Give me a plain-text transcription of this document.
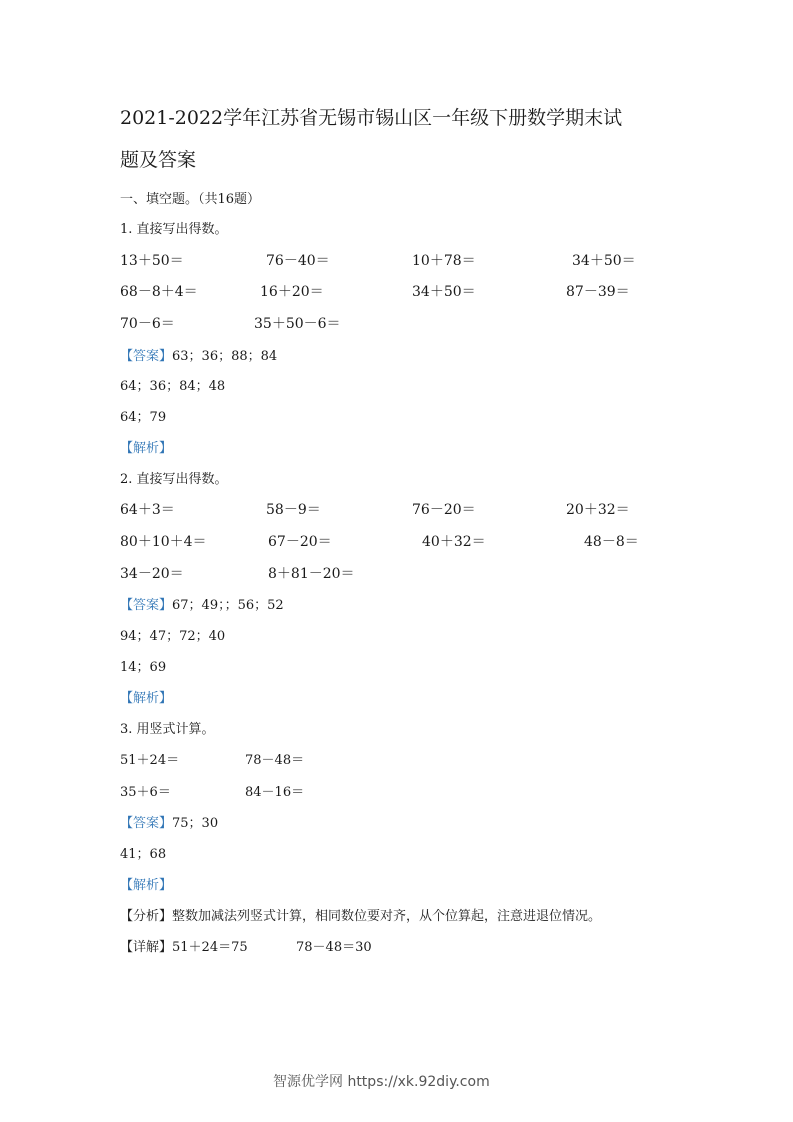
2021-2022学年江苏省无锡市锡山区一年级下册数学期末试
题及答案
一、填空题。（共16题）
1. 直接写出得数。
13＋50＝	76－40＝	10＋78＝	34＋50＝
68－8＋4＝	16＋20＝	34＋50＝	87－39＝
70－6＝	35＋50－6＝
【答案】63；36；88；84
64；36；84；48
64；79
【解析】
2. 直接写出得数。
64＋3＝	58－9＝	76－20＝	20＋32＝
80＋10＋4＝	67－20＝	40＋32＝	48－8＝
34－20＝	8＋81－20＝
【答案】67；49；；56；52
94；47；72；40
14；69
【解析】
3. 用竖式计算。
51＋24＝	78－48＝
35＋6＝	84－16＝
【答案】75；30
41；68
【解析】
【分析】整数加减法列竖式计算，相同数位要对齐，从个位算起，注意进退位情况。
【详解】51＋24＝75	78－48＝30
智源优学网 https://xk.92diy.com
